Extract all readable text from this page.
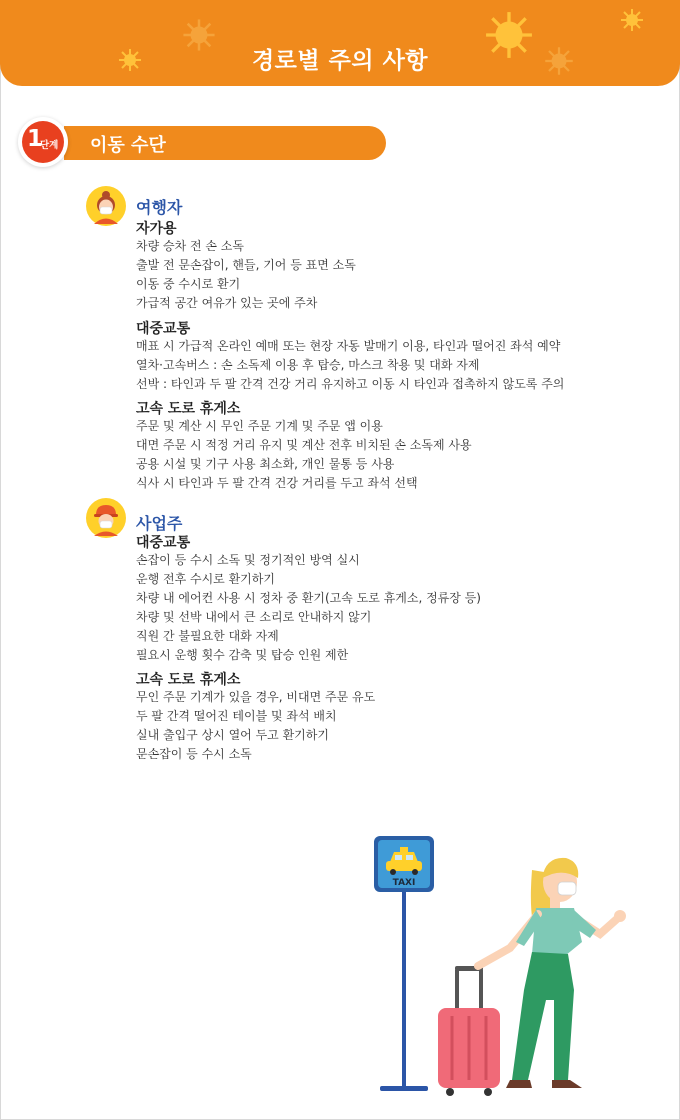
경로별 주의 사항
이동 수단
1
단계
여행자
자가용
차량 승차 전 손 소독
출발 전 문손잡이, 핸들, 기어 등 표면 소독
이동 중 수시로 환기
가급적 공간 여유가 있는 곳에 주차
대중교통
매표 시 가급적 온라인 예매 또는 현장 자동 발매기 이용, 타인과 떨어진 좌석 예약
열차·고속버스 : 손 소독제 이용 후 탑승, 마스크 착용 및 대화 자제
선박 : 타인과 두 팔 간격 건강 거리 유지하고 이동 시 타인과 접촉하지 않도록 주의
고속 도로 휴게소
주문 및 계산 시 무인 주문 기계 및 주문 앱 이용
대면 주문 시 적정 거리 유지 및 계산 전후 비치된 손 소독제 사용
공용 시설 및 기구 사용 최소화, 개인 물통 등 사용
식사 시 타인과 두 팔 간격 건강 거리를 두고 좌석 선택
사업주
대중교통
손잡이 등 수시 소독 및 정기적인 방역 실시
운행 전후 수시로 환기하기
차량 내 에어컨 사용 시 정차 중 환기(고속 도로 휴게소, 정류장 등)
차량 및 선박 내에서 큰 소리로 안내하지 않기
직원 간 불필요한 대화 자제
필요시 운행 횟수 감축 및 탑승 인원 제한
고속 도로 휴게소
무인 주문 기계가 있을 경우, 비대면 주문 유도
두 팔 간격 떨어진 테이블 및 좌석 배치
실내 출입구 상시 열어 두고 환기하기
문손잡이 등 수시 소독
TAXI
